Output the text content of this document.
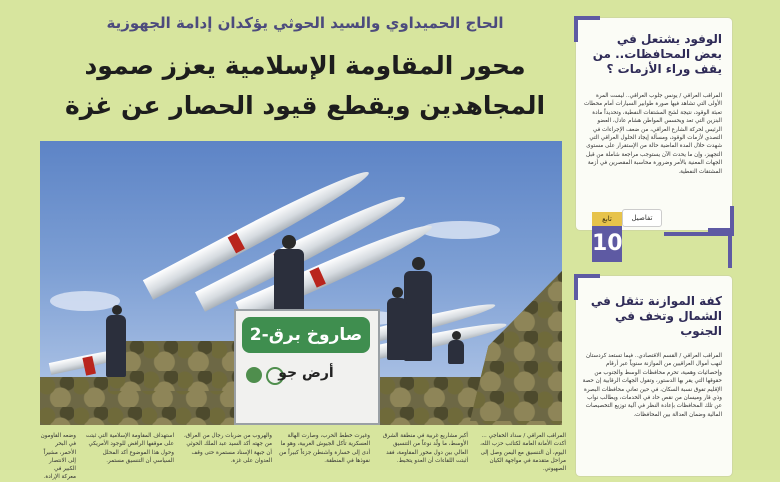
الوفود يشتعل في بعض المحافظات.. من يقف وراء الأزمات ؟
المراقب العراقي / يونس جلوب العراقي.. ليست المرة الأولى التي تشاهد فيها صورة طوابير السيارات أمام محطات تعبئة الوقود، نتيجة لشح المشتقات النفطية، وتحديداً مادة البنزين التي تعد ويحسس المواطن هشام عادل، العضو الرئيس لحركة الشارع العراقي، من ضعف الإجراءات في التصدي لأزمات الوقود، ومسألة إيجاد الحلول العراقي التي شهدت خلال المدة الماضية حالة من الإستقرار على مستوى التجهيز، وإن ما يحدث الآن يستوجب مراجعة شاملة من قبل الجهات المعنية بالأمر وضرورة محاسبة المقصرين في أزمة المشتقات النفطية.
تفاصيل
تابع
10
كفة الموازنة تثقل في الشمال وتخف في الجنوب
المراقب العراقي / القسم الاقتصادي.. فيما تستعد كردستان لنهب أموال العراقيين من الموازنة سنوياً عبر أرقام وإحصائيات وهمية، تحرم محافظات الوسط والجنوب من حقوقها التي يقر بها الدستور، وتقول الجهات الرقابية إن حصة الإقليم تفوق نسبة السكان، في حين تعاني محافظات البصرة وذي قار وميسان من نقص حاد في الخدمات، ويطالب نواب عن تلك المحافظات بإعادة النظر في آلية توزيع التخصيصات المالية وضمان العدالة بين المحافظات.
الحاج الحميداوي والسيد الحوثي يؤكدان إدامة الجهوزية
محور المقاومة الإسلامية يعزز صمود
المجاهدين ويقطع قيود الحصار عن غزة
صاروخ برق-2
أرض جو
المراقب العراقي / سداد الخفاجي ... أكدت الأمانة العامة لكتائب حزب الله، اليوم، أن التنسيق مع اليمن وصل إلى مراحل متقدمة في مواجهة الكيان الصهيوني.
أكبر مشاريع غربية في منطقة الشرق الأوسط، ما ولّد نوعاً من التنسيق العالي بين دول محور المقاومة، فقد أثبتت اللقاءات أن العدو يتخبط.
وغيرت خطط الحرب، وصارت الهالة العسكرية تأكل الجيوش الغربية، وهو ما أدى إلى خسارة واشنطن جزءاً كبيراً من نفوذها في المنطقة.
والهروب من ضربات رجال من العراق، من جهته أكد السيد عبد الملك الحوثي أن جبهة الإسناد مستمرة حتى وقف العدوان على غزة.
استهداف المقاومة الإسلامية التي ثبتت على موقفها الرافض للوجود الأمريكي وحول هذا الموضوع أكد المحلل السياسي أن التنسيق مستمر.
وضعه القاومون في البحر الأحمر، مشيراً إلى الانتصار الكبير في معركة الإرادة.
